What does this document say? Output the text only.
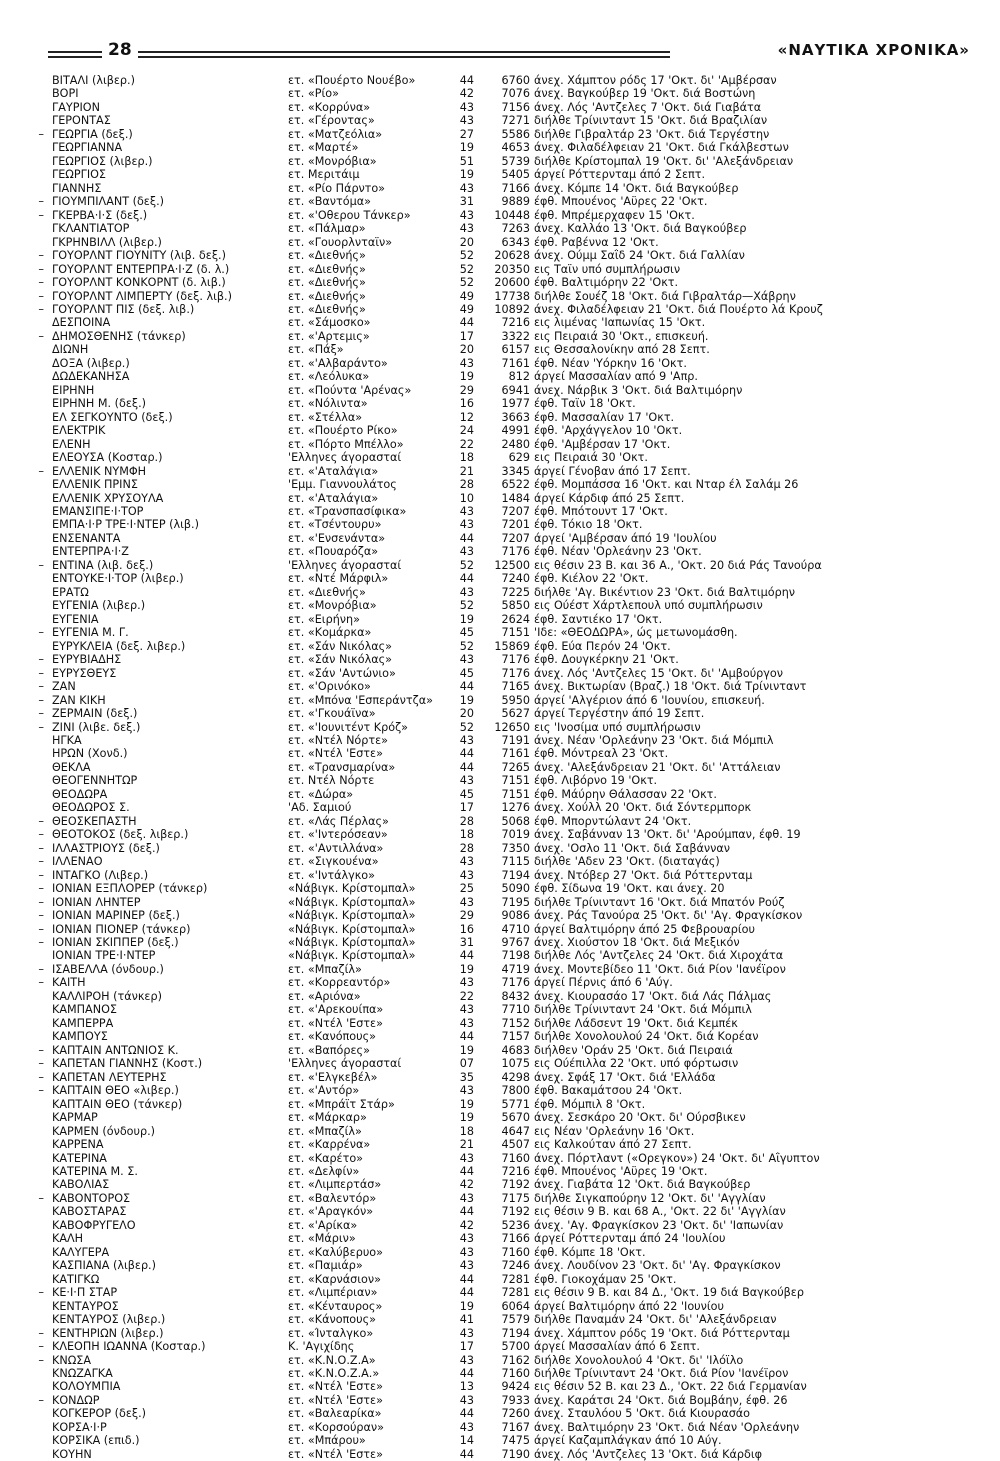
28	«ΝΑΥΤΙΚΑ ΧΡΟΝΙΚΑ»
ΒΙΤΑΛΙ (λιβερ.)	ετ. «Πουέρτο Νουέβο»	44	6760 άνεχ. Χάμπτον ρόδς 17 'Οκτ. δι' 'Αμβέρσαν
ΒΟΡΙ	ετ. «Ρίο»	42	7076 άνεχ. Βαγκούβερ 19 'Οκτ. διά Βοστώνη
ΓΑΥΡΙΟΝ	ετ. «Κορρύνα»	43	7156 άνεχ. Λός 'Αντζελες 7 'Οκτ. διά Γιαβάτα
ΓΕΡΟΝΤΑΣ	ετ. «Γέροντας»	43	7271 διήλθε Τρίνινταντ 15 'Οκτ. διά Βραζιλίαν
ΓΕΩΡΓΙΑ (δεξ.)	ετ. «Ματζεόλια»	27	5586 διήλθε Γιβραλτάρ 23 'Οκτ. διά Τεργέστην
–
ΓΕΩΡΓΙΑΝΝΑ	ετ. «Μαρτέ»	19	4653 άνεχ. Φιλαδέλφειαν 21 'Οκτ. διά Γκάλβεστων
ΓΕΩΡΓΙΟΣ (λιβερ.)	ετ. «Μονρόβια»	51	5739 διήλθε Κρίστομπαλ 19 'Οκτ. δι' 'Αλεξάνδρειαν
ΓΕΩΡΓΙΟΣ	ετ. Μεριτάιμ	19	5405 άργεί Ρόττερνταμ άπό 2 Σεπτ.
ΓΙΑΝΝΗΣ	ετ. «Ρίο Πάρνто»	43	7166 άνεχ. Κόμπε 14 'Οκτ. διά Βαγκούβερ
ΓΙΟΥΜΠΙΛΑΝΤ (δεξ.)	ετ. «Βαντόμα»	31	9889 έφθ. Μπουένος 'Αϋρες 22 'Οκτ.
–
ΓΚΕΡΒΑ·Ι·Σ (δεξ.)	ετ. «'Οθερου Τάνκερ»	43	10448 έφθ. Μπρέμερχαφεν 15 'Οκτ.
–
ΓΚΛΑΝΤΙΑΤΟΡ	ετ. «Πάλμαρ»	43	7263 άνεχ. Καλλάο 13 'Οκτ. διά Βαγκούβερ
ΓΚΡΗΝΒΙΛΛ (λιβερ.)	ετ. «Γουορλνταϊν»	20	6343 έφθ. Ραβέννα 12 'Οκτ.
ΓΟΥΟΡΛΝΤ ΓΙΟΥΝΙΤΥ (λιβ. δεξ.)	ετ. «Διεθνής»	52	20628 άνεχ. Ούμμ Σαΐδ 24 'Οκτ. διά Γαλλίαν
–
ΓΟΥΟΡΛΝΤ ΕΝΤΕΡΠΡΑ·Ι·Ζ (δ. λ.)	ετ. «Διεθνής»	52	20350 εις Ταϊν υπό συμπλήρωσιν
–
ΓΟΥΟΡΛΝΤ ΚΟΝΚΟΡΝΤ (δ. λιβ.)	ετ. «Διεθνής»	52	20600 έφθ. Βαλτιμόρην 22 'Οκτ.
–
ΓΟΥΟΡΛΝΤ ΛΙΜΠΕΡΤΥ (δεξ. λιβ.)	ετ. «Διεθνής»	49	17738 διήλθε Σουέζ 18 'Οκτ. διά Γιβραλτάρ—Χάβρην
–
ΓΟΥΟΡΛΝΤ ΠΙΣ (δεξ. λιβ.)	ετ. «Διεθνής»	49	10892 άνεχ. Φιλαδέλφειαν 21 'Οκτ. διά Πουέρτο λά Κρουζ
–
ΔΕΣΠΟΙΝΑ	ετ. «Σάμοσκο»	44	7216 εις λιμένας 'Ιαπωνίας 15 'Οκτ.
ΔΗΜΟΣΘΕΝΗΣ (τάνκερ)	ετ. «'Αρτεμις»	17	3322 εις Πειραιά 30 'Οκτ., επισκευή.
–
ΔΙΩΝΗ	ετ. «Πάξ»	20	6157 εις Θεσσαλονίκην από 28 Σεπτ.
ΔΟΞΑ (λιβερ.)	ετ. «'Αλβαράντο»	43	7161 έφθ. Νέαν 'Υόρκην 16 'Οκτ.
ΔΩΔΕΚΑΝΗΣΑ	ετ. «Λεόλυκα»	19	812 άργεί Μασσαλίαν από 9 'Απρ.
ΕΙΡΗΝΗ	ετ. «Πούντα 'Αρένας»	29	6941 άνεχ. Νάρβικ 3 'Οκτ. διά Βαλτιμόρην
ΕΙΡΗΝΗ Μ. (δεξ.)	ετ. «Νόλιντα»	16	1977 έφθ. Ταϊν 18 'Οκτ.
ΕΛ ΣΕΓΚΟΥΝΤΟ (δεξ.)	ετ. «Στέλλα»	12	3663 έφθ. Μασσαλίαν 17 'Οκτ.
ΕΛΕΚΤΡΙΚ	ετ. «Πουέρτο Ρίκο»	24	4991 έφθ. 'Αρχάγγελον 10 'Οκτ.
ΕΛΕΝΗ	ετ. «Πόρτο Μπέλλο»	22	2480 έφθ. 'Αμβέρσαν 17 'Οκτ.
ΕΛΕΟΥΣΑ (Κοσταρ.)	'Ελληνες άγορασταί	18	629 εις Πειραιά 30 'Οκτ.
ΕΛΛΕΝΙΚ ΝΥΜΦΗ	ετ. «'Αταλάγια»	21	3345 άργεί Γένοβαν άπό 17 Σεπτ.
–
ΕΛΛΕΝΙΚ ΠΡΙΝΣ	'Εμμ. Γιαννουλάτος	28	6522 έφθ. Μομπάσσα 16 'Οκτ. και Νταρ έλ Σαλάμ 26
ΕΛΛΕΝΙΚ ΧΡΥΣΟΥΛΑ	ετ. «'Αταλάγια»	10	1484 άργεί Κάρδιφ άπό 25 Σεπτ.
ΕΜΑΝΣΙΠΕ·Ι·ΤΟΡ	ετ. «Τρανσπασίφικα»	43	7207 έφθ. Μπότουντ 17 'Οκτ.
ΕΜΠΑ·Ι·Ρ ΤΡΕ·Ι·ΝΤΕΡ (λιβ.)	ετ. «Τσέντουρυ»	43	7201 έφθ. Τόκιο 18 'Οκτ.
ΕΝΣΕΝΑΝΤΑ	ετ. «'Ενσενάντα»	44	7207 άργεί 'Αμβέρσαν άπό 19 'Ιουλίου
ΕΝΤΕΡΠΡΑ·Ι·Ζ	ετ. «Πουαρόζα»	43	7176 έφθ. Νέαν 'Ορλεάνην 23 'Οκτ.
ΕΝΤΙΝΑ (λιβ. δεξ.)	'Ελληνες άγορασταί	52	12500 εις θέσιν 23 Β. και 36 Α., 'Οκτ. 20 διά Ράς Τανούρα
–
ΕΝΤΟΥΚΕ·Ι·ΤΟΡ (λιβερ.)	ετ. «Ντέ Μάρφιλ»	44	7240 έφθ. Κιέλον 22 'Οκτ.
ΕΡΑΤΩ	ετ. «Διεθνής»	43	7225 διήλθε 'Αγ. Βικέντιον 23 'Οκτ. διά Βαλτιμόρην
ΕΥΓΕΝΙΑ (λιβερ.)	ετ. «Μονρόβια»	52	5850 εις Ούέστ Χάρτλεπουλ υπό συμπλήρωσιν
ΕΥΓΕΝΙΑ	ετ. «Ειρήνη»	19	2624 έφθ. Σαντιέκο 17 'Οκτ.
ΕΥΓΕΝΙΑ Μ. Γ.	ετ. «Κομάρκα»	45	7151 'Ιδε: «ΘΕΟΔΩΡΑ», ώς μετωνομάσθη.
–
ΕΥΡΥΚΛΕΙΑ (δεξ. λιβερ.)	ετ. «Σάν Νικόλας»	52	15869 έφθ. Εύα Περόν 24 'Οκτ.
ΕΥΡΥΒΙΑΔΗΣ	ετ. «Σάν Νικόλας»	43	7176 έφθ. Δουγκέρκην 21 'Οκτ.
–
ΕΥΡΥΣΘΕΥΣ	ετ. «Σάν 'Αντώνιο»	45	7176 άνεχ. Λός 'Αντζελες 15 'Οκτ. δι' 'Αμβούργον
–
ΖΑΝ	ετ. «'Ορινόκο»	44	7165 άνεχ. Βικτωρίαν (Βραζ.) 18 'Οκτ. διά Τρίνινταντ
–
ΖΑΝ ΚΙΚΗ	ετ. «Μπόνα 'Εσπεράντζα»	19	5950 άργεί 'Αλγέριον άπό 6 'Ιουνίου, επισκευή.
–
ΖΕΡΜΑΙΝ (δεξ.)	ετ. «'Γκουάϊνα»	20	5627 άργεί Τεργέστην άπό 19 Σεπτ.
–
ΖΙΝΙ (λιβε. δεξ.)	ετ. «'Ιουνιτέντ Κρόζ»	52	12650 εις 'Ινοσίμα υπό συμπλήρωσιν
–
ΗΓΚΑ	ετ. «Ντέλ Νόρτε»	43	7191 άνεχ. Νέαν 'Ορλεάνην 23 'Οκτ. διά Μόμπιλ
ΗΡΩΝ (Χονδ.)	ετ. «Ντέλ 'Εστε»	44	7161 έφθ. Μόντρεαλ 23 'Οκτ.
ΘΕΚΛΑ	ετ. «Τρανσμαρίνα»	44	7265 άνεχ. 'Αλεξάνδρειαν 21 'Οκτ. δι' 'Αττάλειαν
ΘΕΟΓΕΝΝΗΤΩΡ	ετ. Ντέλ Νόρτε	43	7151 έφθ. Λιβόρνο 19 'Οκτ.
ΘΕΟΔΩΡΑ	ετ. «Δώρα»	45	7151 έφθ. Μάύρην Θάλασσαν 22 'Οκτ.
ΘΕΟΔΩΡΟΣ Σ.	'Αδ. Σαμιού	17	1276 άνεχ. Χούλλ 20 'Οκτ. διά Σόντερμπορκ
ΘΕΟΣΚΕΠΑΣΤΗ	ετ. «Λάς Πέρλας»	28	5068 έφθ. Μπορντώλαντ 24 'Οκτ.
–
ΘΕΟΤΟΚΟΣ (δεξ. λιβερ.)	ετ. «'Ιντερόσεαν»	18	7019 άνεχ. Σαβάνναν 13 'Οκτ. δι' 'Αρούμπαν, έφθ. 19
–
ΙΛΛΑΣΤΡΙΟΥΣ (δεξ.)	ετ. «'Αντιλλάνα»	28	7350 άνεχ. 'Οσλο 11 'Οκτ. διά Σαβάνναν
–
ΙΛΛΕΝΑΟ	ετ. «Σιγκουένα»	43	7115 διήλθε 'Αδεν 23 'Οκτ. (διαταγάς)
–
ΙΝΤΑΓΚΟ (Λιβερ.)	ετ. «'Ιντάλγκο»	43	7194 άνεχ. Ντόβερ 27 'Οκτ. διά Ρόττερνταμ
–
ΙΟΝΙΑΝ ΕΞΠΛΟΡΕΡ (τάνκερ)	«Νάβιγκ. Κρίστομπαλ»	25	5090 έφθ. Σίδωνα 19 'Οκτ. και άνεχ. 20
–
ΙΟΝΙΑΝ ΛΗΝΤΕΡ	«Νάβιγκ. Κρίστομπαλ»	43	7195 διήλθε Τρίνινταντ 16 'Οκτ. διά Μπατόν Ρούζ
–
ΙΟΝΙΑΝ ΜΑΡΙΝΕΡ (δεξ.)	«Νάβιγκ. Κρίστομπαλ»	29	9086 άνεχ. Ράς Τανούρα 25 'Οκτ. δι' 'Αγ. Φραγκίσκον
–
ΙΟΝΙΑΝ ΠΙΟΝΕΡ (τάνκερ)	«Νάβιγκ. Κρίστομπαλ»	16	4710 άργεί Βαλτιμόρην άπό 25 Φεβρουαρίου
–
ΙΟΝΙΑΝ ΣΚΙΠΠΕΡ (δεξ.)	«Νάβιγκ. Κρίστομπαλ»	31	9767 άνεχ. Χιούστον 18 'Οκτ. διά Μεξικόν
–
ΙΟΝΙΑΝ ΤΡΕ·Ι·ΝΤΕΡ	«Νάβιγκ. Κρίστομπαλ»	44	7198 διήλθε Λός 'Αντζελες 24 'Οκτ. διά Χιροχάτα
ΙΣΑΒΕΛΛΑ (όνδουρ.)	ετ. «Μπαζίλ»	19	4719 άνεχ. Μοντεβίδεο 11 'Οκτ. διά Ρίον 'Ιανέϊρον
–
ΚΑΙΤΗ	ετ. «Κορρεαντόρ»	43	7176 άργεί Πέρνις άπό 6 'Αύγ.
–
ΚΑΛΛΙΡΟΗ (τάνκερ)	ετ. «Αριόνα»	22	8432 άνεχ. Κιουρασάο 17 'Οκτ. διά Λάς Πάλμας
ΚΑΜΠΑΝΟΣ	ετ. «'Αρεκουίπα»	43	7710 διήλθε Τρίνινταντ 24 'Οκτ. διά Μόμπιλ
ΚΑΜΠΕΡΡΑ	ετ. «Ντέλ 'Εστε»	43	7152 διήλθε Λάδσεντ 19 'Οκτ. διά Κεμπέκ
ΚΑΜΠΟΥΣ	ετ. «Κανόπους»	44	7157 διήλθε Χονολουλού 24 'Οκτ. διά Κορέαν
ΚΑΠΤΑΙΝ ΑΝΤΩΝΙΟΣ Κ.	ετ. «Βαπόρες»	19	4683 διήλθεν 'Οράν 25 'Οκτ. διά Πειραιά
–
ΚΑΠΕΤΑΝ ΓΙΑΝΝΗΣ (Κοστ.)	'Ελληνες άγορασταί	07	1075 εις Ούέπιλλα 22 'Οκτ. υπό φόρτωσιν
–
ΚΑΠΕΤΑΝ ΛΕΥΤΕΡΗΣ	ετ. «'Ελγκεβέλ»	35	4298 άνεχ. Σφάξ 17 'Οκτ. διά 'Ελλάδα
–
ΚΑΠΤΑΙΝ ΘΕΟ «λιβερ.)	ετ. «'Αντόρ»	43	7800 έφθ. Βακαμάτσου 24 'Οκτ.
–
ΚΑΠΤΑΙΝ ΘΕΟ (τάνκερ)	ετ. «Μπράϊτ Στάρ»	19	5771 έφθ. Μόμπιλ 8 'Οκτ.
ΚΑΡΜΑΡ	ετ. «Μάρκαρ»	19	5670 άνεχ. Σεσκάρο 20 'Οκτ. δι' Ούρσβικεν
ΚΑΡΜΕΝ (όνδουρ.)	ετ. «Μπαζίλ»	18	4647 εις Νέαν 'Ορλεάνην 16 'Οκτ.
ΚΑΡΡΕΝΑ	ετ. «Καρρένα»	21	4507 εις Καλκούταν άπό 27 Σεπτ.
ΚΑΤΕΡΙΝΑ	ετ. «Καρέτο»	43	7160 άνεχ. Πόρτλαντ («Ορεγκον») 24 'Οκτ. δι' Αΐγυπτον
ΚΑΤΕΡΙΝΑ Μ. Σ.	ετ. «Δελφίν»	44	7216 έφθ. Μπουένος 'Αϋρες 19 'Οκτ.
ΚΑΒΟΛΙΑΣ	ετ. «Λιμπερτάσ»	42	7192 άνεχ. Γιαβάτα 12 'Οκτ. διά Βαγκούβερ
ΚΑΒΟΝΤΟΡΟΣ	ετ. «Βαλεντόρ»	43	7175 διήλθε Σιγκαπούρην 12 'Οκτ. δι' 'Αγγλίαν
–
ΚΑΒΟΣΤΑΡΑΣ	ετ. «'Αραγκόν»	44	7192 εις θέσιν 9 Β. και 68 Α., 'Οκτ. 22 δι' 'Αγγλίαν
ΚΑΒΟΦΡΥΓΕΛΟ	ετ. «'Αρίκα»	42	5236 άνεχ. 'Αγ. Φραγκίσκον 23 'Οκτ. δι' 'Ιαπωνίαν
ΚΑΛΗ	ετ. «Μάριν»	43	7166 άργεί Ρόττερνταμ άπό 24 'Ιουλίου
ΚΑΛΥΓΕΡΑ	ετ. «Καλύβερυο»	43	7160 έφθ. Κόμπε 18 'Οκτ.
ΚΑΣΠΙΑΝΑ (λιβερ.)	ετ. «Παμιάρ»	43	7246 άνεχ. Λουδίνον 23 'Οκτ. δι' 'Αγ. Φραγκίσκον
ΚΑΤΙΓΚΩ	ετ. «Καρνάσιον»	44	7281 έφθ. Γιοκοχάμαν 25 'Οκτ.
ΚΕ·Ι·Π ΣΤΑΡ	ετ. «Λιμπέριαν»	44	7281 εις θέσιν 9 Β. και 84 Δ., 'Οκτ. 19 διά Βαγκούβερ
–
ΚΕΝΤΑΥΡΟΣ	ετ. «Κένταυρος»	19	6064 άργεί Βαλτιμόρην άπό 22 'Ιουνίου
ΚΕΝΤΑΥΡΟΣ (λιβερ.)	ετ. «Κάνοπους»	41	7579 διήλθε Παναμάν 24 'Οκτ. δι' 'Αλεξάνδρειαν
ΚΕΝΤΗΡΙΩΝ (λιβερ.)	ετ. «Ίνταλγκο»	43	7194 άνεχ. Χάμπτον ρόδς 19 'Οκτ. διά Ρόττερνταμ
–
ΚΛΕΟΠΗ ΙΩΑΝΝΑ (Κοσταρ.)	Κ. 'Αγιχίδης	17	5700 άργεί Μασσαλίαν άπό 6 Σεπτ.
–
ΚΝΩΣΑ	ετ. «Κ.Ν.Ο.Ζ.Α»	43	7162 διήλθε Χονολουλού 4 'Οκτ. δι' 'Ιλόϊλο
–
ΚΝΩΖΑΓΚΑ	ετ. «Κ.Ν.Ο.Ζ.Α.»	44	7160 διήλθε Τρίνινταντ 24 'Οκτ. διά Ρίον 'Ιανέϊρον
ΚΟΛΟΥΜΠΙΑ	ετ. «Ντέλ 'Εστε»	13	9424 εις θέσιν 52 Β. και 23 Δ., 'Οκτ. 22 διά Γερμανίαν
ΚΟΝΔΩΡ	ετ. «Ντέλ 'Εστε»	43	7933 άνεχ. Καράτσι 24 'Οκτ. διά Βομβάην, έφθ. 26
–
ΚΟΓΚΕΡΟΡ (δεξ.)	ετ. «Βαλεαρίκα»	44	7260 άνεχ. Σταυλόου 5 'Οκτ. διά Κιουρασάο
ΚΟΡΣΑ·Ι·Ρ	ετ. «Κορσούραν»	43	7167 άνεχ. Βαλτιμόρην 23 'Οκτ. διά Νέαν 'Ορλεάνην
ΚΟΡΣΙΚΑ (επιδ.)	ετ. «Μπάρου»	14	7475 άργεί Καζαμπλάγκαν άπό 10 Αύγ.
ΚΟΥΗΝ	ετ. «Ντέλ 'Εστε»	44	7190 άνεχ. Λός 'Αντζελες 13 'Οκτ. διά Κάρδιφ
